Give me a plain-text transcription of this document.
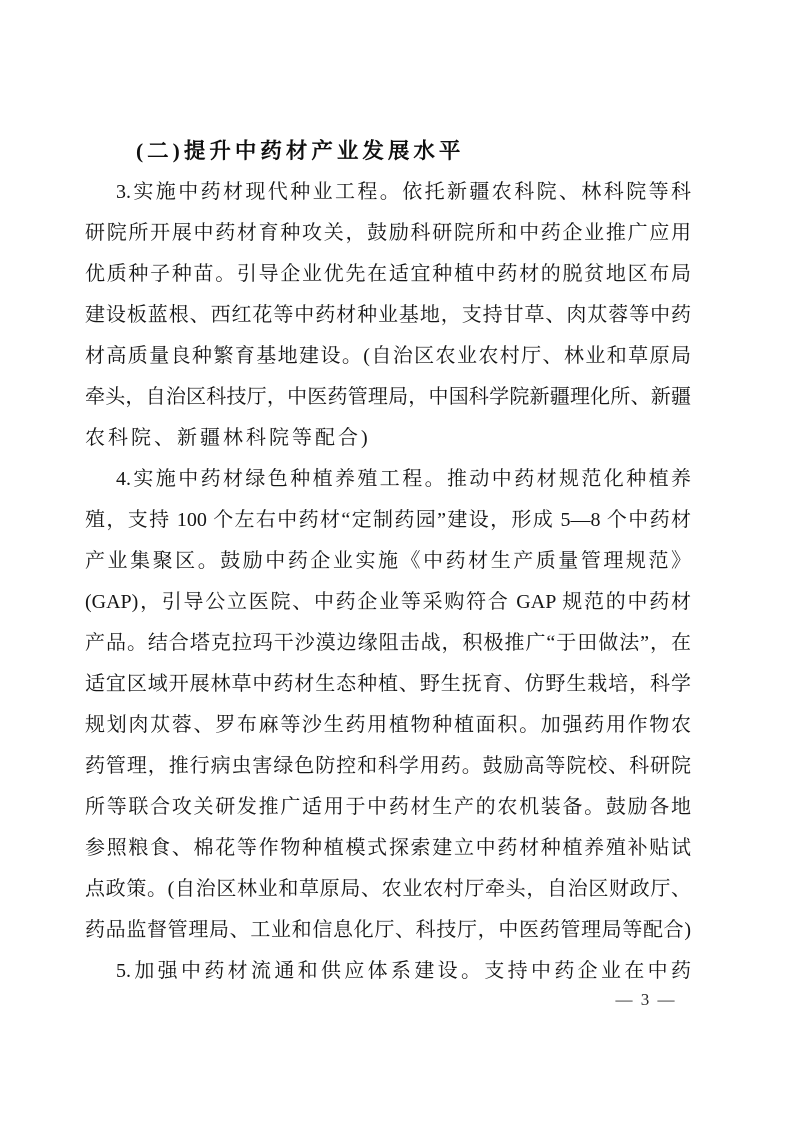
(二)提升中药材产业发展水平
3.实施中药材现代种业工程。依托新疆农科院、林科院等科
研院所开展中药材育种攻关，鼓励科研院所和中药企业推广应用
优质种子种苗。引导企业优先在适宜种植中药材的脱贫地区布局
建设板蓝根、西红花等中药材种业基地，支持甘草、肉苁蓉等中药
材高质量良种繁育基地建设。(自治区农业农村厅、林业和草原局
牵头，自治区科技厅，中医药管理局，中国科学院新疆理化所、新疆
农科院、新疆林科院等配合)
4.实施中药材绿色种植养殖工程。推动中药材规范化种植养
殖，支持 100 个左右中药材“定制药园”建设，形成 5—8 个中药材
产业集聚区。鼓励中药企业实施《中药材生产质量管理规范》
(GAP)，引导公立医院、中药企业等采购符合 GAP 规范的中药材
产品。结合塔克拉玛干沙漠边缘阻击战，积极推广“于田做法”，在
适宜区域开展林草中药材生态种植、野生抚育、仿野生栽培，科学
规划肉苁蓉、罗布麻等沙生药用植物种植面积。加强药用作物农
药管理，推行病虫害绿色防控和科学用药。鼓励高等院校、科研院
所等联合攻关研发推广适用于中药材生产的农机装备。鼓励各地
参照粮食、棉花等作物种植模式探索建立中药材种植养殖补贴试
点政策。(自治区林业和草原局、农业农村厅牵头，自治区财政厅、
药品监督管理局、工业和信息化厅、科技厅，中医药管理局等配合)
5.加强中药材流通和供应体系建设。支持中药企业在中药
— 3 —
